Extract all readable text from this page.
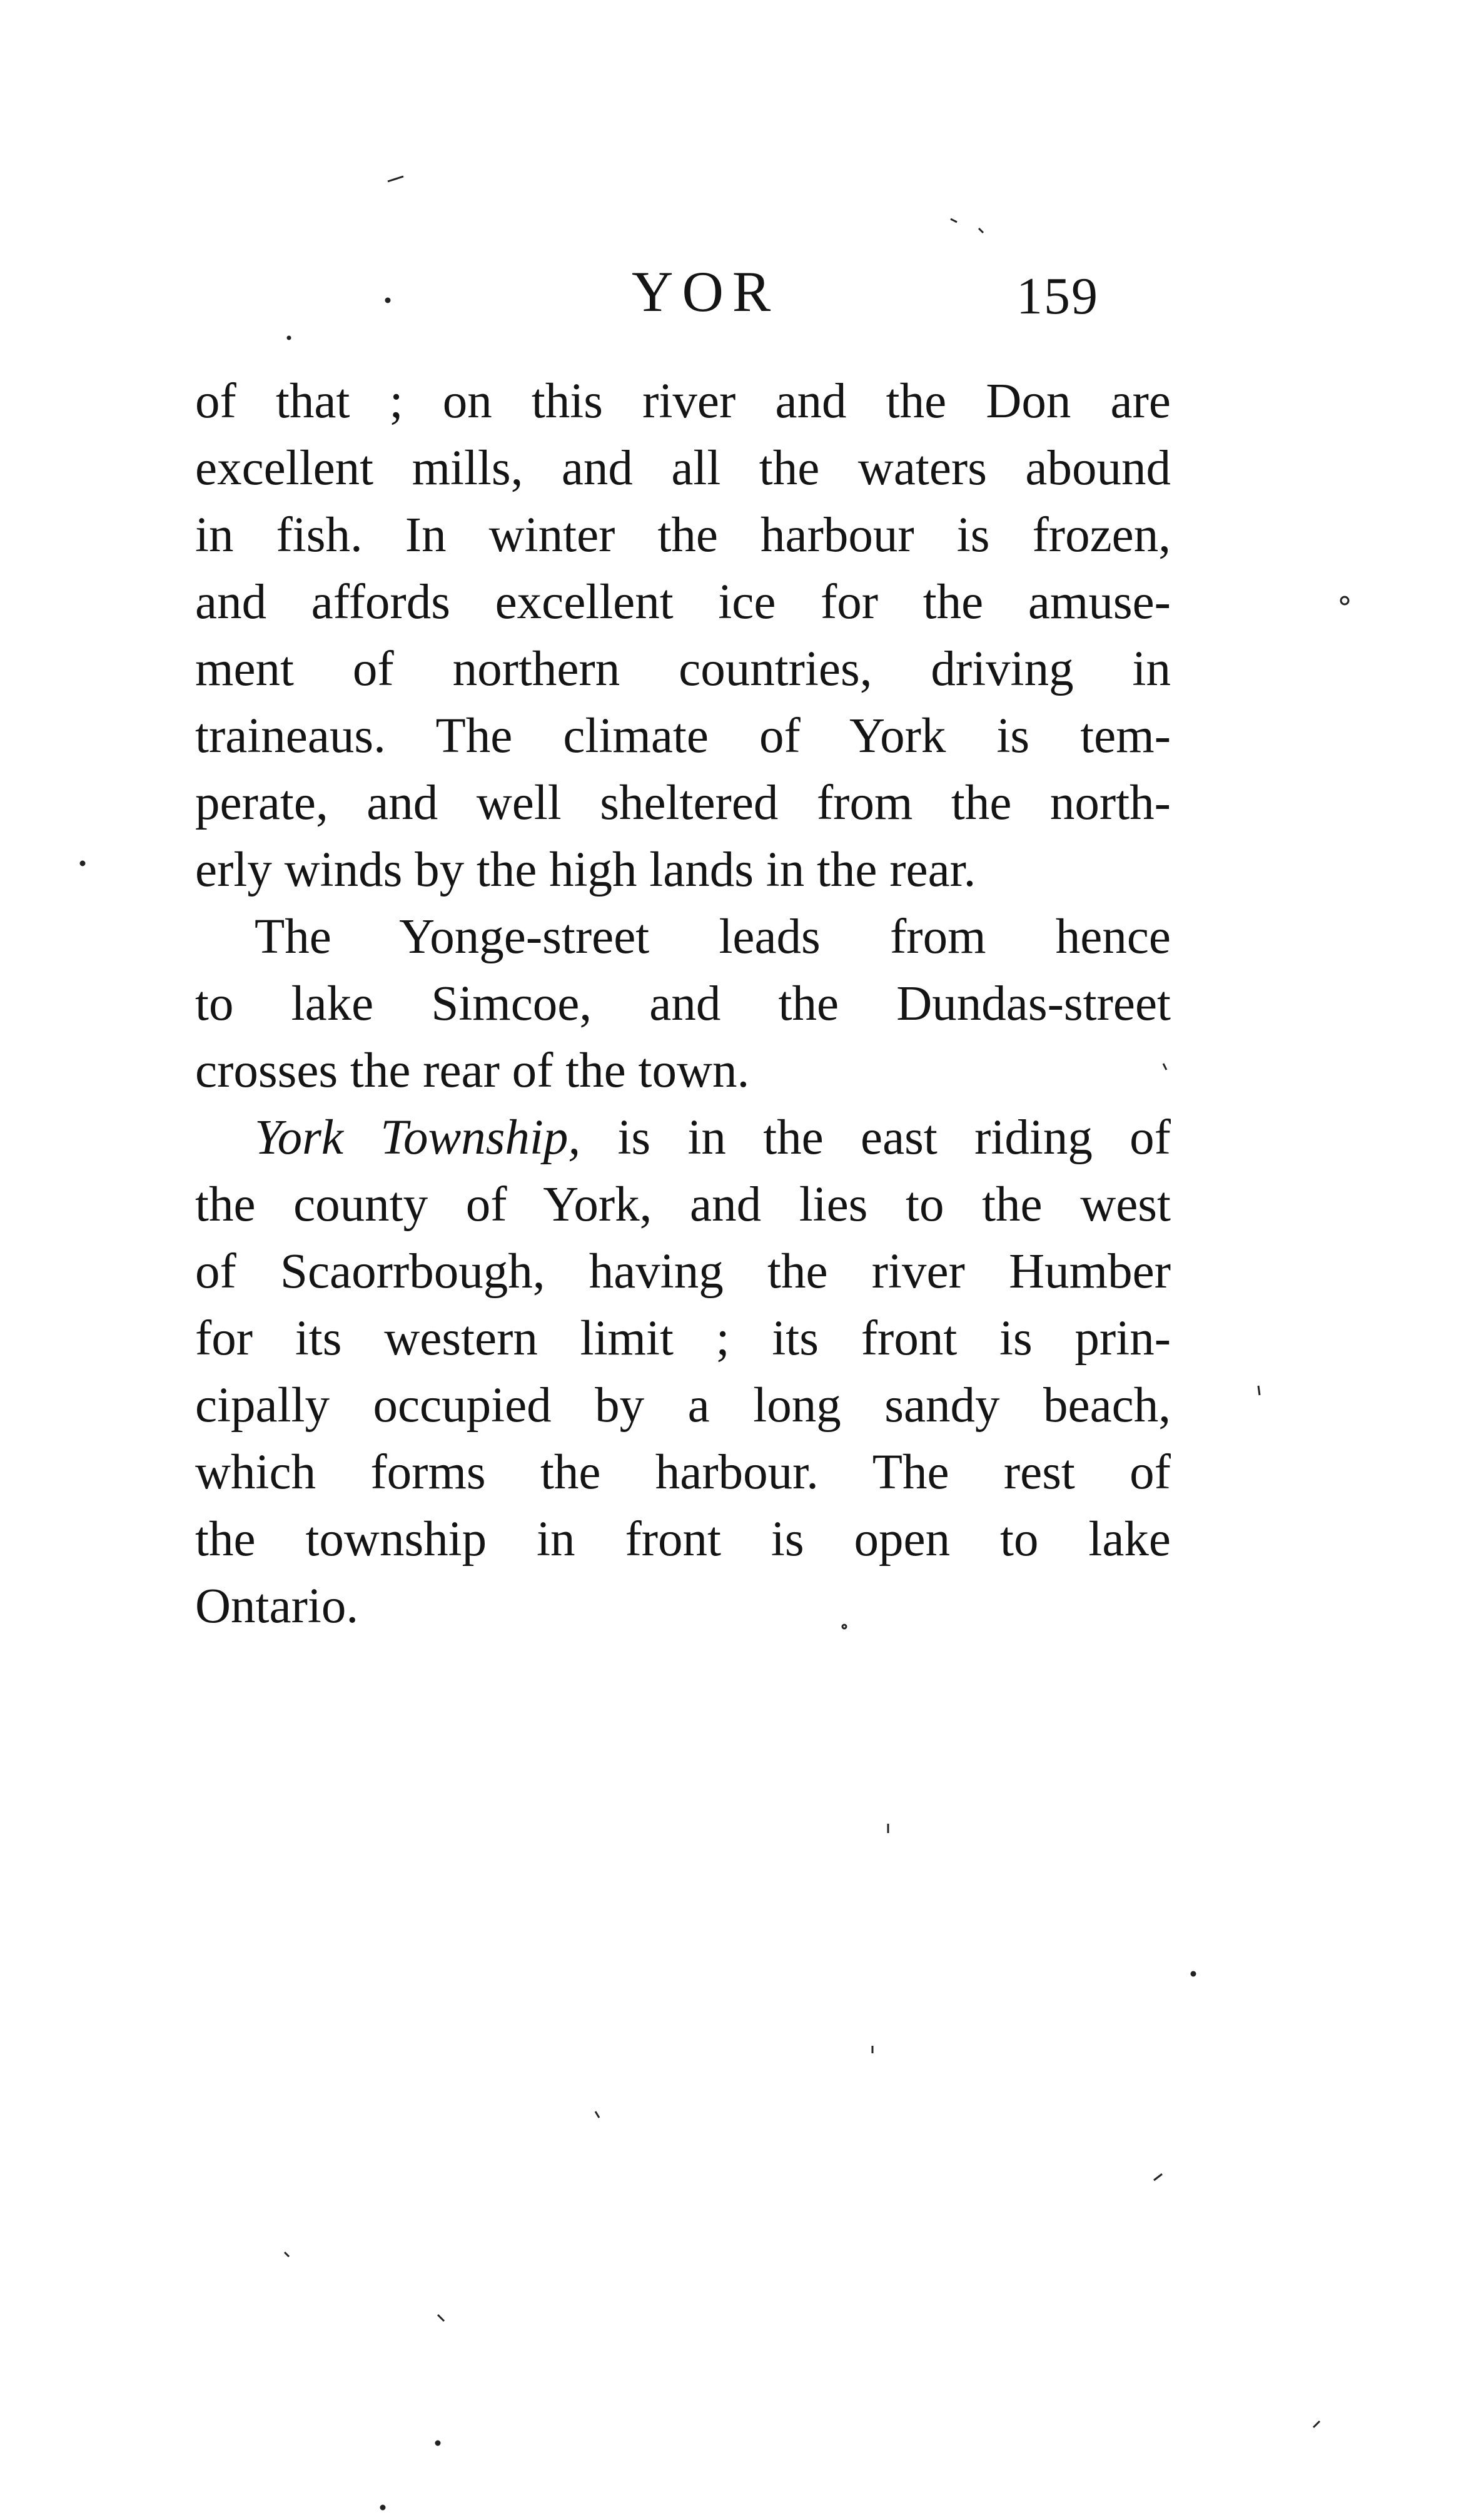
YOR	159
of that ; on this river and the Don are
excellent mills, and all the waters abound
in fish. In winter the harbour is frozen,
and affords excellent ice for the amuse-
ment of northern countries, driving in
traineaus. The climate of York is tem-
perate, and well sheltered from the north-
erly winds by the high lands in the rear.
The Yonge-street leads from hence
to lake Simcoe, and the Dundas-street
crosses the rear of the town.
York Township, is in the east riding of
the county of York, and lies to the west
of Scaorrbough, having the river Humber
for its western limit ; its front is prin-
cipally occupied by a long sandy beach,
which forms the harbour. The rest of
the township in front is open to lake
Ontario.
